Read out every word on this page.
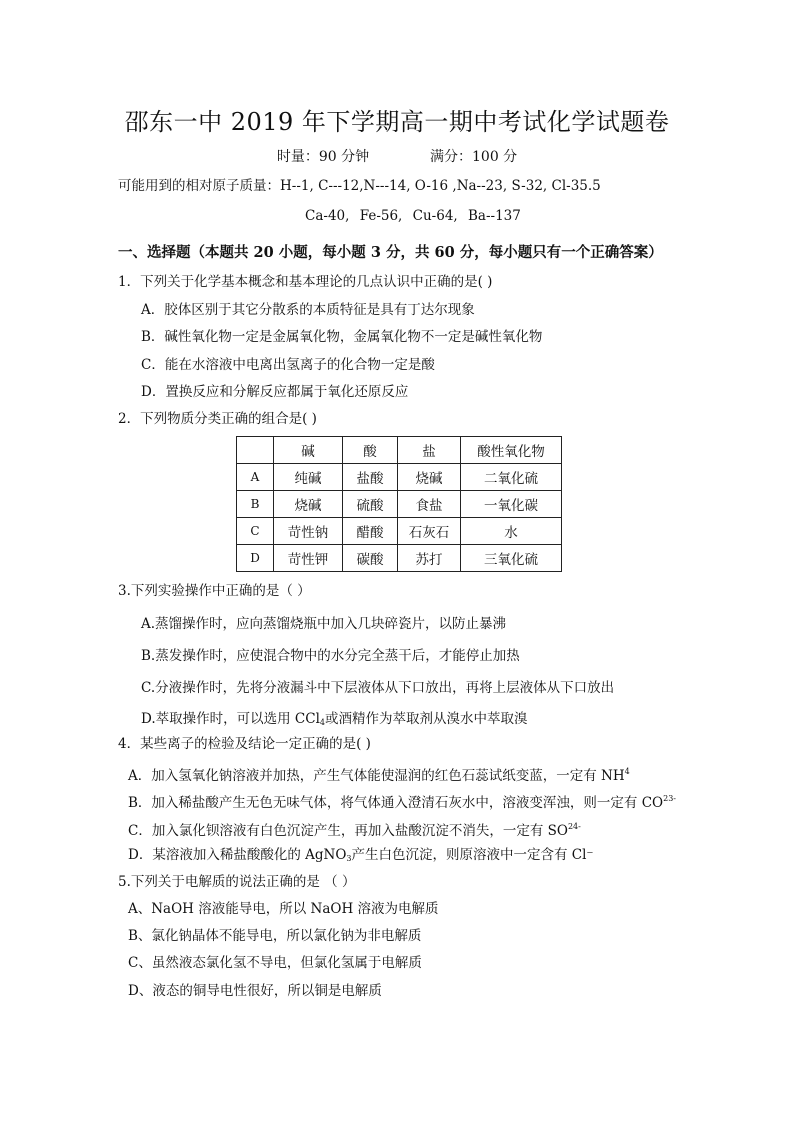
邵东一中 2019 年下学期高一期中考试化学试题卷
时量：90 分钟	满分：100 分
可能用到的相对原子质量：H--1, C---12,N---14, O-16 ,Na--23, S-32, Cl-35.5
Ca-40, Fe-56, Cu-64, Ba--137
一、选择题（本题共 20 小题，每小题 3 分，共 60 分，每小题只有一个正确答案）
1．下列关于化学基本概念和基本理论的几点认识中正确的是( )
A．胶体区别于其它分散系的本质特征是具有丁达尔现象
B．碱性氧化物一定是金属氧化物，金属氧化物不一定是碱性氧化物
C．能在水溶液中电离出氢离子的化合物一定是酸
D．置换反应和分解反应都属于氧化还原反应
2．下列物质分类正确的组合是( )
	碱	酸	盐	酸性氧化物
A	纯碱	盐酸	烧碱	二氧化硫
B	烧碱	硫酸	食盐	一氧化碳
C	苛性钠	醋酸	石灰石	水
D	苛性钾	碳酸	苏打	三氧化硫
3.下列实验操作中正确的是（ ）
A.蒸馏操作时，应向蒸馏烧瓶中加入几块碎瓷片，以防止暴沸
B.蒸发操作时，应使混合物中的水分完全蒸干后，才能停止加热
C.分液操作时，先将分液漏斗中下层液体从下口放出，再将上层液体从下口放出
D.萃取操作时，可以选用 CCl$_4$或酒精作为萃取剂从溴水中萃取溴
4．某些离子的检验及结论一定正确的是( )
A．加入氢氧化钠溶液并加热，产生气体能使湿润的红色石蕊试纸变蓝，一定有 $NH^4$
B．加入稀盐酸产生无色无味气体，将气体通入澄清石灰水中，溶液变浑浊，则一定有 $CO^{23-}$
C．加入氯化钡溶液有白色沉淀产生，再加入盐酸沉淀不消失，一定有 $SO^{24-}$
D．某溶液加入稀盐酸酸化的 AgNO$_3$产生白色沉淀，则原溶液中一定含有 Cl⁻
5.下列关于电解质的说法正确的是 （ ）
A、NaOH 溶液能导电，所以 NaOH 溶液为电解质
B、氯化钠晶体不能导电，所以氯化钠为非电解质
C、虽然液态氯化氢不导电，但氯化氢属于电解质
D、液态的铜导电性很好，所以铜是电解质
